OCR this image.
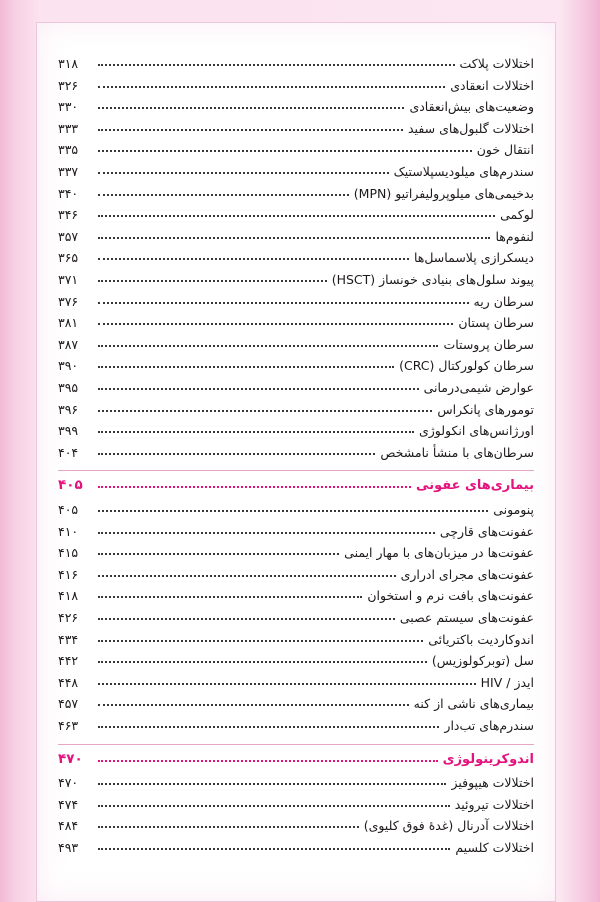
اختلالات پلاکت
۳۱۸
اختلالات انعقادی
۳۲۶
وضعیت‌های بیش‌انعقادی
۳۳۰
اختلالات گلبول‌های سفید
۳۳۳
انتقال خون
۳۳۵
سندرم‌های میلودیسپلاستیک
۳۳۷
بدخیمی‌های میلوپرولیفراتیو (MPN)
۳۴۰
لوکمی
۳۴۶
لنفوم‌ها
۳۵۷
دیسکرازی پلاسماسل‌ها
۳۶۵
پیوند سلول‌های بنیادی خونساز (HSCT)
۳۷۱
سرطان ریه
۳۷۶
سرطان پستان
۳۸۱
سرطان پروستات
۳۸۷
سرطان کولورکتال (CRC)
۳۹۰
عوارض شیمی‌درمانی
۳۹۵
تومورهای پانکراس
۳۹۶
اورژانس‌های انکولوژی
۳۹۹
سرطان‌های با منشأ نامشخص
۴۰۴
بیماری‌های عفونی
۴۰۵
پنومونی
۴۰۵
عفونت‌های قارچی
۴۱۰
عفونت‌ها در میزبان‌های با مهار ایمنی
۴۱۵
عفونت‌های مجرای ادراری
۴۱۶
عفونت‌های بافت نرم و استخوان
۴۱۸
عفونت‌های سیستم عصبی
۴۲۶
اندوکاردیت باکتریائی
۴۳۴
سل (توبرکولوزیس)
۴۴۲
ایدز / HIV
۴۴۸
بیماری‌های ناشی از کنه
۴۵۷
سندرم‌های تب‌دار
۴۶۳
اندوکرینولوژی
۴۷۰
اختلالات هیپوفیز
۴۷۰
اختلالات تیروئید
۴۷۴
اختلالات آدرنال (غدهٔ فوق کلیوی)
۴۸۴
اختلالات کلسیم
۴۹۳
